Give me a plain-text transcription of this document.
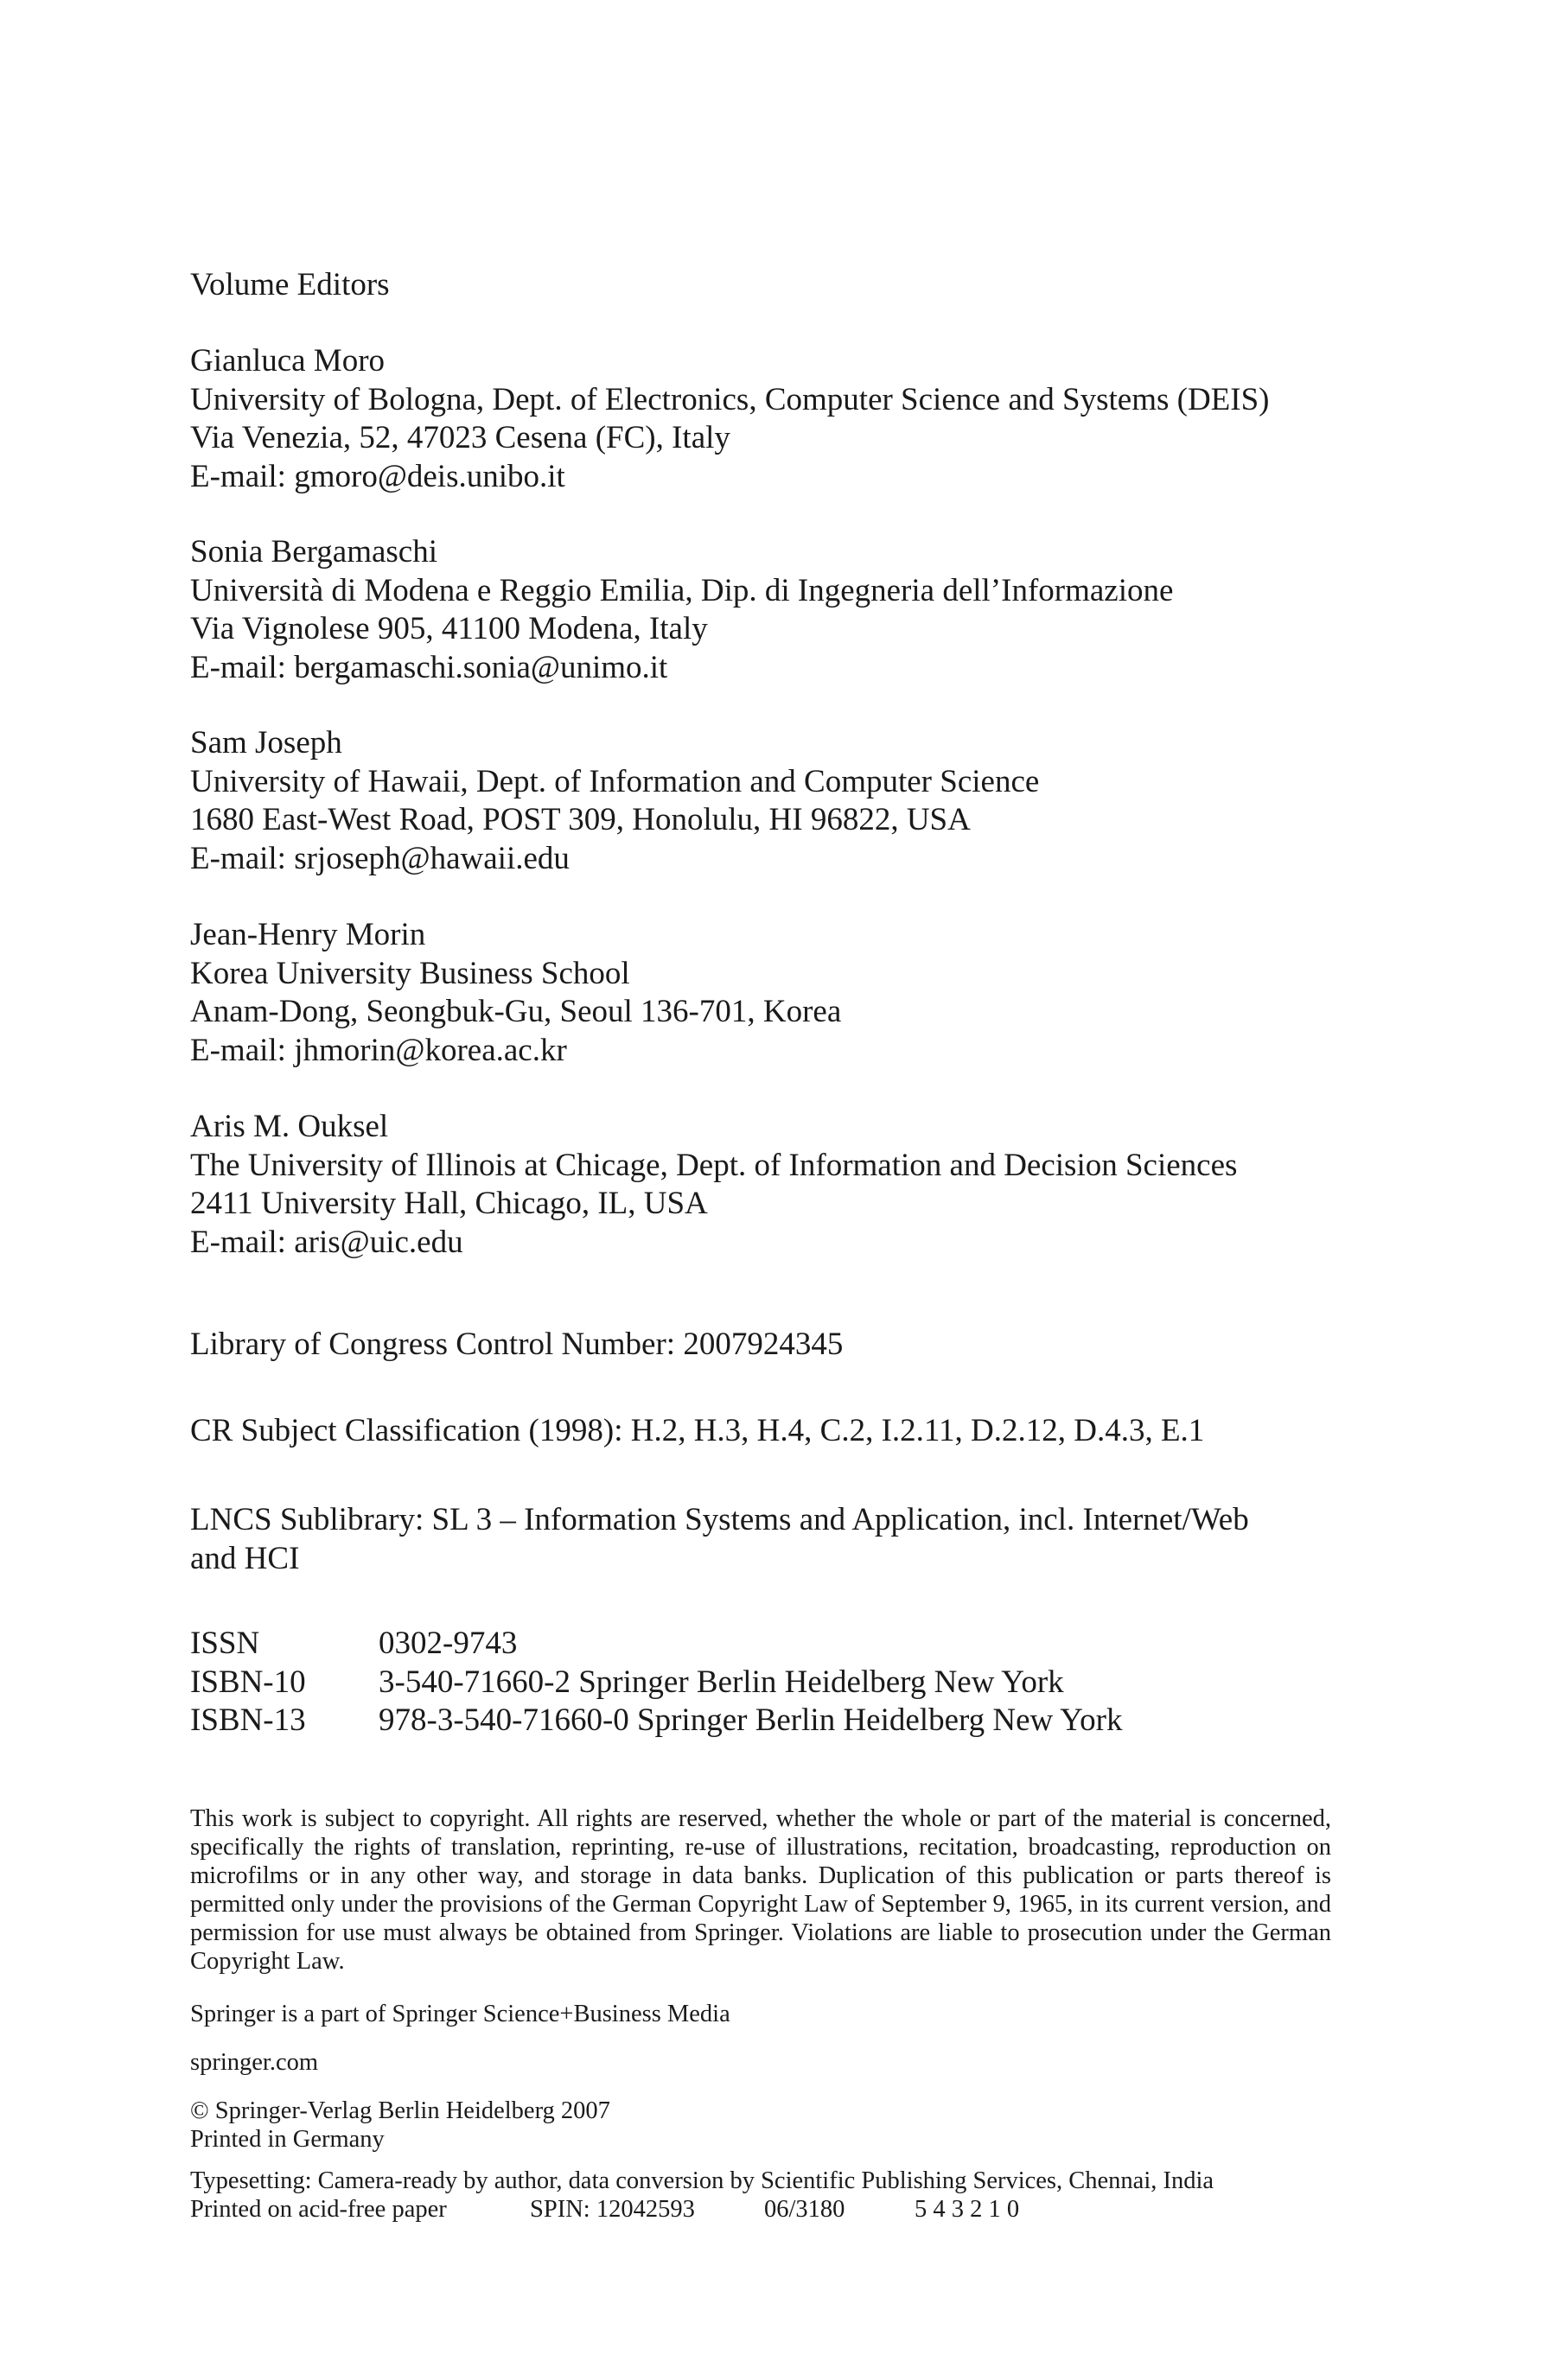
Volume Editors
Gianluca Moro
University of Bologna, Dept. of Electronics, Computer Science and Systems (DEIS)
Via Venezia, 52, 47023 Cesena (FC), Italy
E-mail: gmoro@deis.unibo.it
Sonia Bergamaschi
Università di Modena e Reggio Emilia, Dip. di Ingegneria dell’Informazione
Via Vignolese 905, 41100 Modena, Italy
E-mail: bergamaschi.sonia@unimo.it
Sam Joseph
University of Hawaii, Dept. of Information and Computer Science
1680 East-West Road, POST 309, Honolulu, HI 96822, USA
E-mail: srjoseph@hawaii.edu
Jean-Henry Morin
Korea University Business School
Anam-Dong, Seongbuk-Gu, Seoul 136-701, Korea
E-mail: jhmorin@korea.ac.kr
Aris M. Ouksel
The University of Illinois at Chicage, Dept. of Information and Decision Sciences
2411 University Hall, Chicago, IL, USA
E-mail: aris@uic.edu
Library of Congress Control Number: 2007924345
CR Subject Classification (1998): H.2, H.3, H.4, C.2, I.2.11, D.2.12, D.4.3, E.1
LNCS Sublibrary: SL 3 – Information Systems and Application, incl. Internet/Web
and HCI
ISSN	0302-9743
ISBN-10	3-540-71660-2 Springer Berlin Heidelberg New York
ISBN-13	978-3-540-71660-0 Springer Berlin Heidelberg New York
This work is subject to copyright. All rights are reserved, whether the whole or part of the material is concerned, specifically the rights of translation, reprinting, re-use of illustrations, recitation, broadcasting, reproduction on microfilms or in any other way, and storage in data banks. Duplication of this publication or parts thereof is permitted only under the provisions of the German Copyright Law of September 9, 1965, in its current version, and permission for use must always be obtained from Springer. Violations are liable to prosecution under the German Copyright Law.
Springer is a part of Springer Science+Business Media
springer.com
© Springer-Verlag Berlin Heidelberg 2007
Printed in Germany
Typesetting: Camera-ready by author, data conversion by Scientific Publishing Services, Chennai, India
Printed on acid-free paper	SPIN: 12042593	06/3180	5 4 3 2 1 0
